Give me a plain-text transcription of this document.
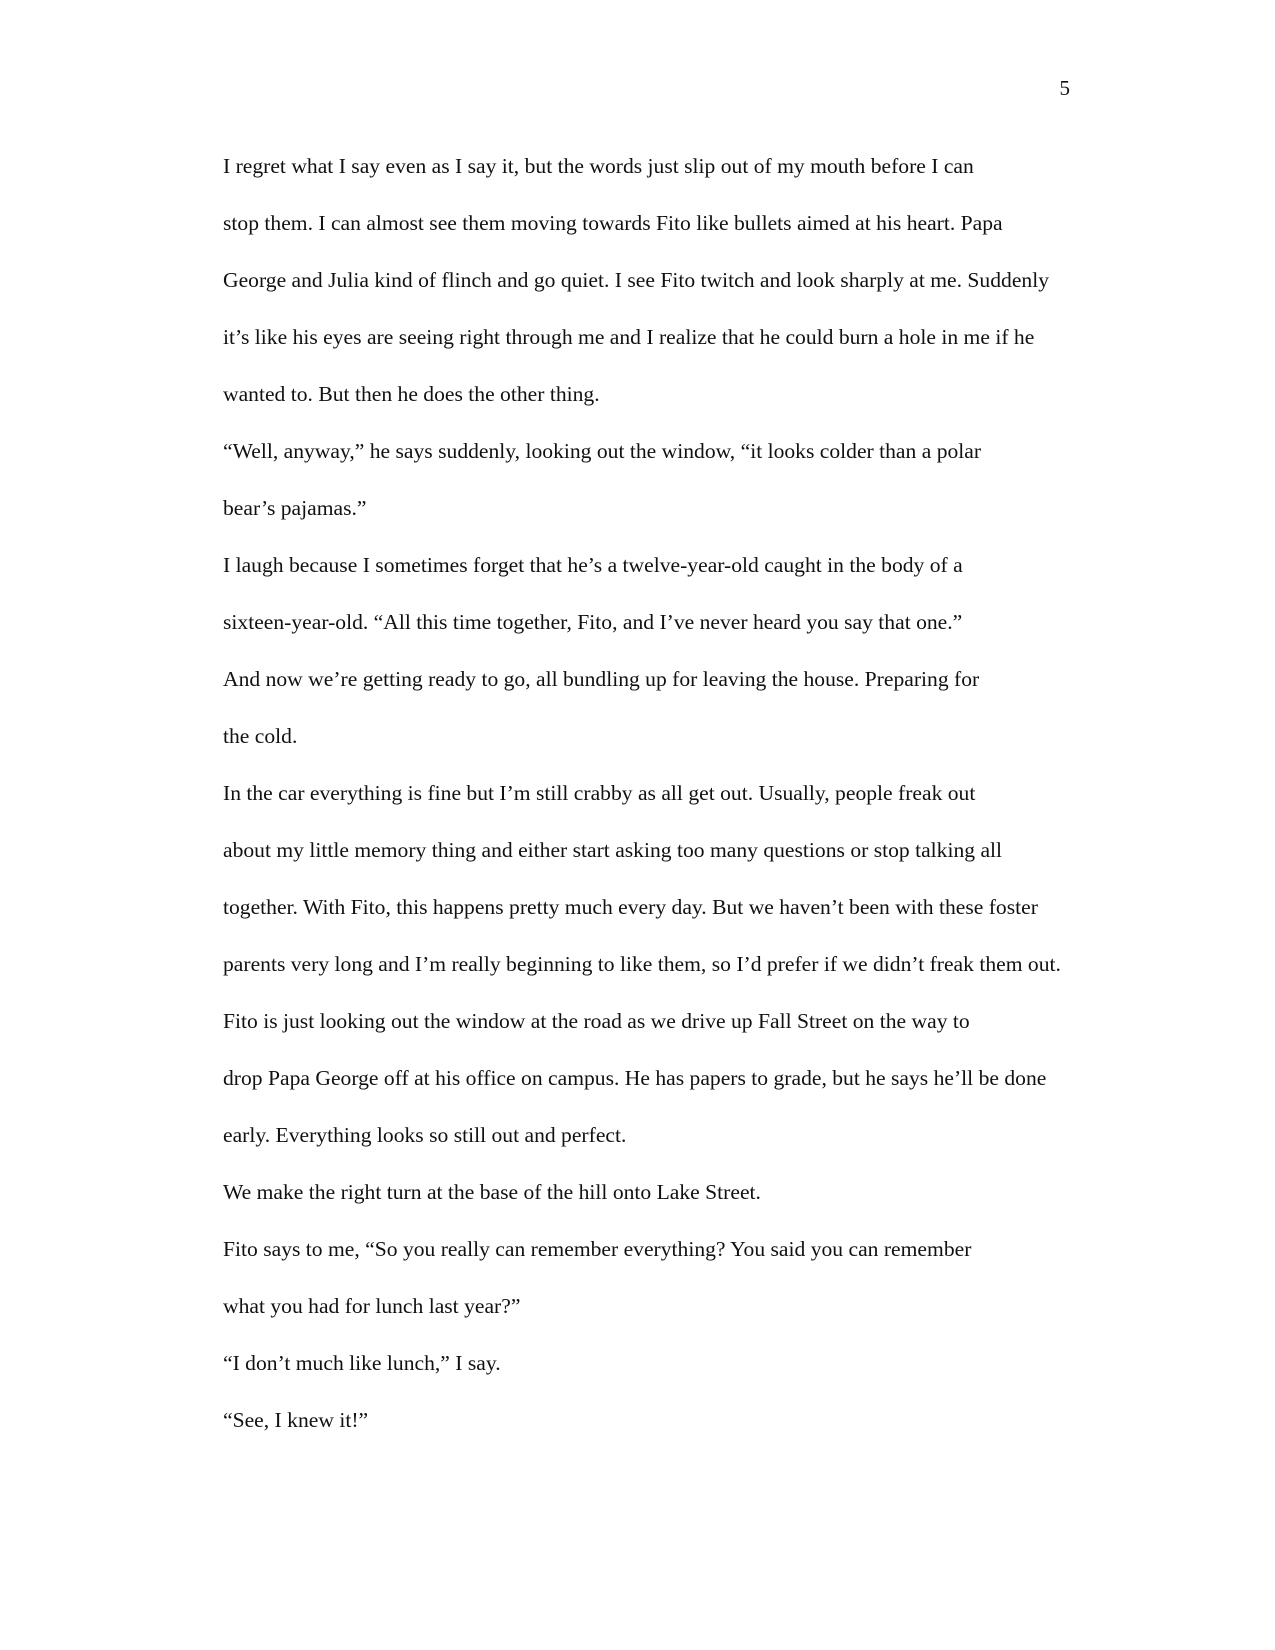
5

I regret what I say even as I say it, but the words just slip out of my mouth before I can
stop them. I can almost see them moving towards Fito like bullets aimed at his heart. Papa
George and Julia kind of flinch and go quiet. I see Fito twitch and look sharply at me. Suddenly
it’s like his eyes are seeing right through me and I realize that he could burn a hole in me if he
wanted to. But then he does the other thing.

“Well, anyway,” he says suddenly, looking out the window, “it looks colder than a polar
bear’s pajamas.”

I laugh because I sometimes forget that he’s a twelve-year-old caught in the body of a
sixteen-year-old. “All this time together, Fito, and I’ve never heard you say that one.”

And now we’re getting ready to go, all bundling up for leaving the house. Preparing for
the cold.

In the car everything is fine but I’m still crabby as all get out. Usually, people freak out
about my little memory thing and either start asking too many questions or stop talking all
together. With Fito, this happens pretty much every day. But we haven’t been with these foster
parents very long and I’m really beginning to like them, so I’d prefer if we didn’t freak them out.

Fito is just looking out the window at the road as we drive up Fall Street on the way to
drop Papa George off at his office on campus. He has papers to grade, but he says he’ll be done
early. Everything looks so still out and perfect.

We make the right turn at the base of the hill onto Lake Street.

Fito says to me, “So you really can remember everything? You said you can remember
what you had for lunch last year?”

“I don’t much like lunch,” I say.

“See, I knew it!”
